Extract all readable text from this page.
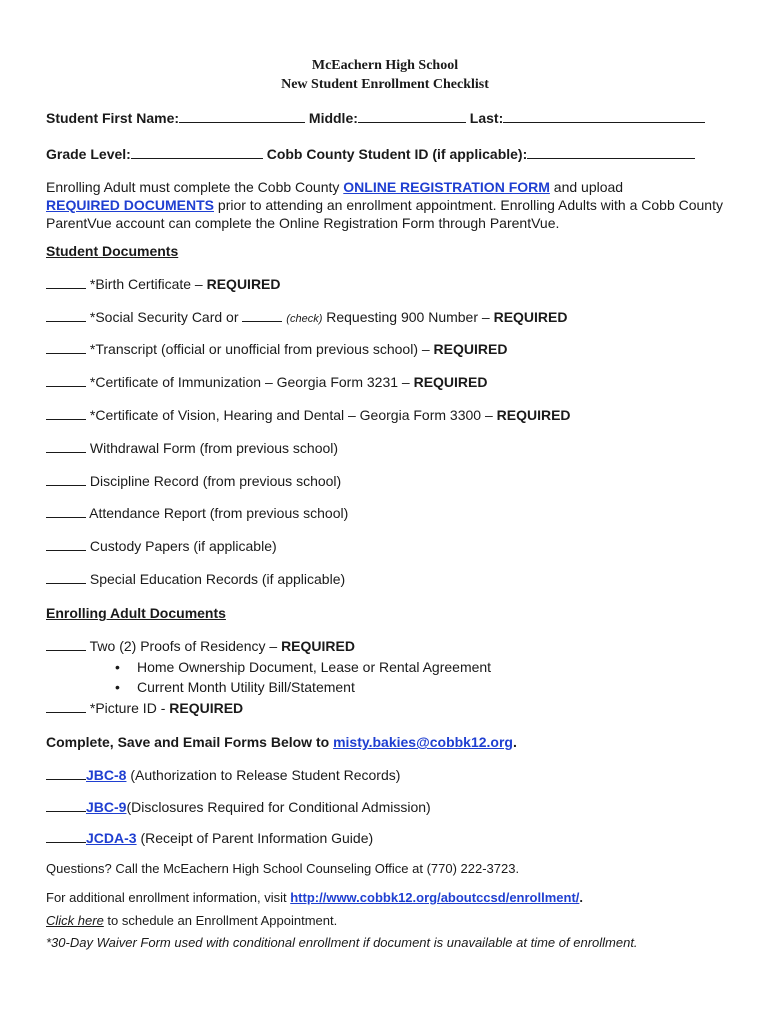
McEachern High School
New Student Enrollment Checklist
Student First Name:	Middle:	Last:
Grade Level:	Cobb County Student ID (if applicable):
Enrolling Adult must complete the Cobb County ONLINE REGISTRATION FORM and upload
REQUIRED DOCUMENTS prior to attending an enrollment appointment. Enrolling Adults with a Cobb County ParentVue account can complete the Online Registration Form through ParentVue.
Student Documents
*Birth Certificate – REQUIRED
*Social Security Card or	(check) Requesting 900 Number – REQUIRED
*Transcript (official or unofficial from previous school) – REQUIRED
*Certificate of Immunization – Georgia Form 3231 – REQUIRED
*Certificate of Vision, Hearing and Dental – Georgia Form 3300 – REQUIRED
Withdrawal Form (from previous school)
Discipline Record (from previous school)
Attendance Report (from previous school)
Custody Papers (if applicable)
Special Education Records (if applicable)
Enrolling Adult Documents
Two (2) Proofs of Residency – REQUIRED
• Home Ownership Document, Lease or Rental Agreement
• Current Month Utility Bill/Statement
*Picture ID - REQUIRED
Complete, Save and Email Forms Below to misty.bakies@cobbk12.org.
JBC-8 (Authorization to Release Student Records)
JBC-9(Disclosures Required for Conditional Admission)
JCDA-3 (Receipt of Parent Information Guide)
Questions? Call the McEachern High School Counseling Office at (770) 222-3723.
For additional enrollment information, visit http://www.cobbk12.org/aboutccsd/enrollment/.
Click here to schedule an Enrollment Appointment.
*30-Day Waiver Form used with conditional enrollment if document is unavailable at time of enrollment.
